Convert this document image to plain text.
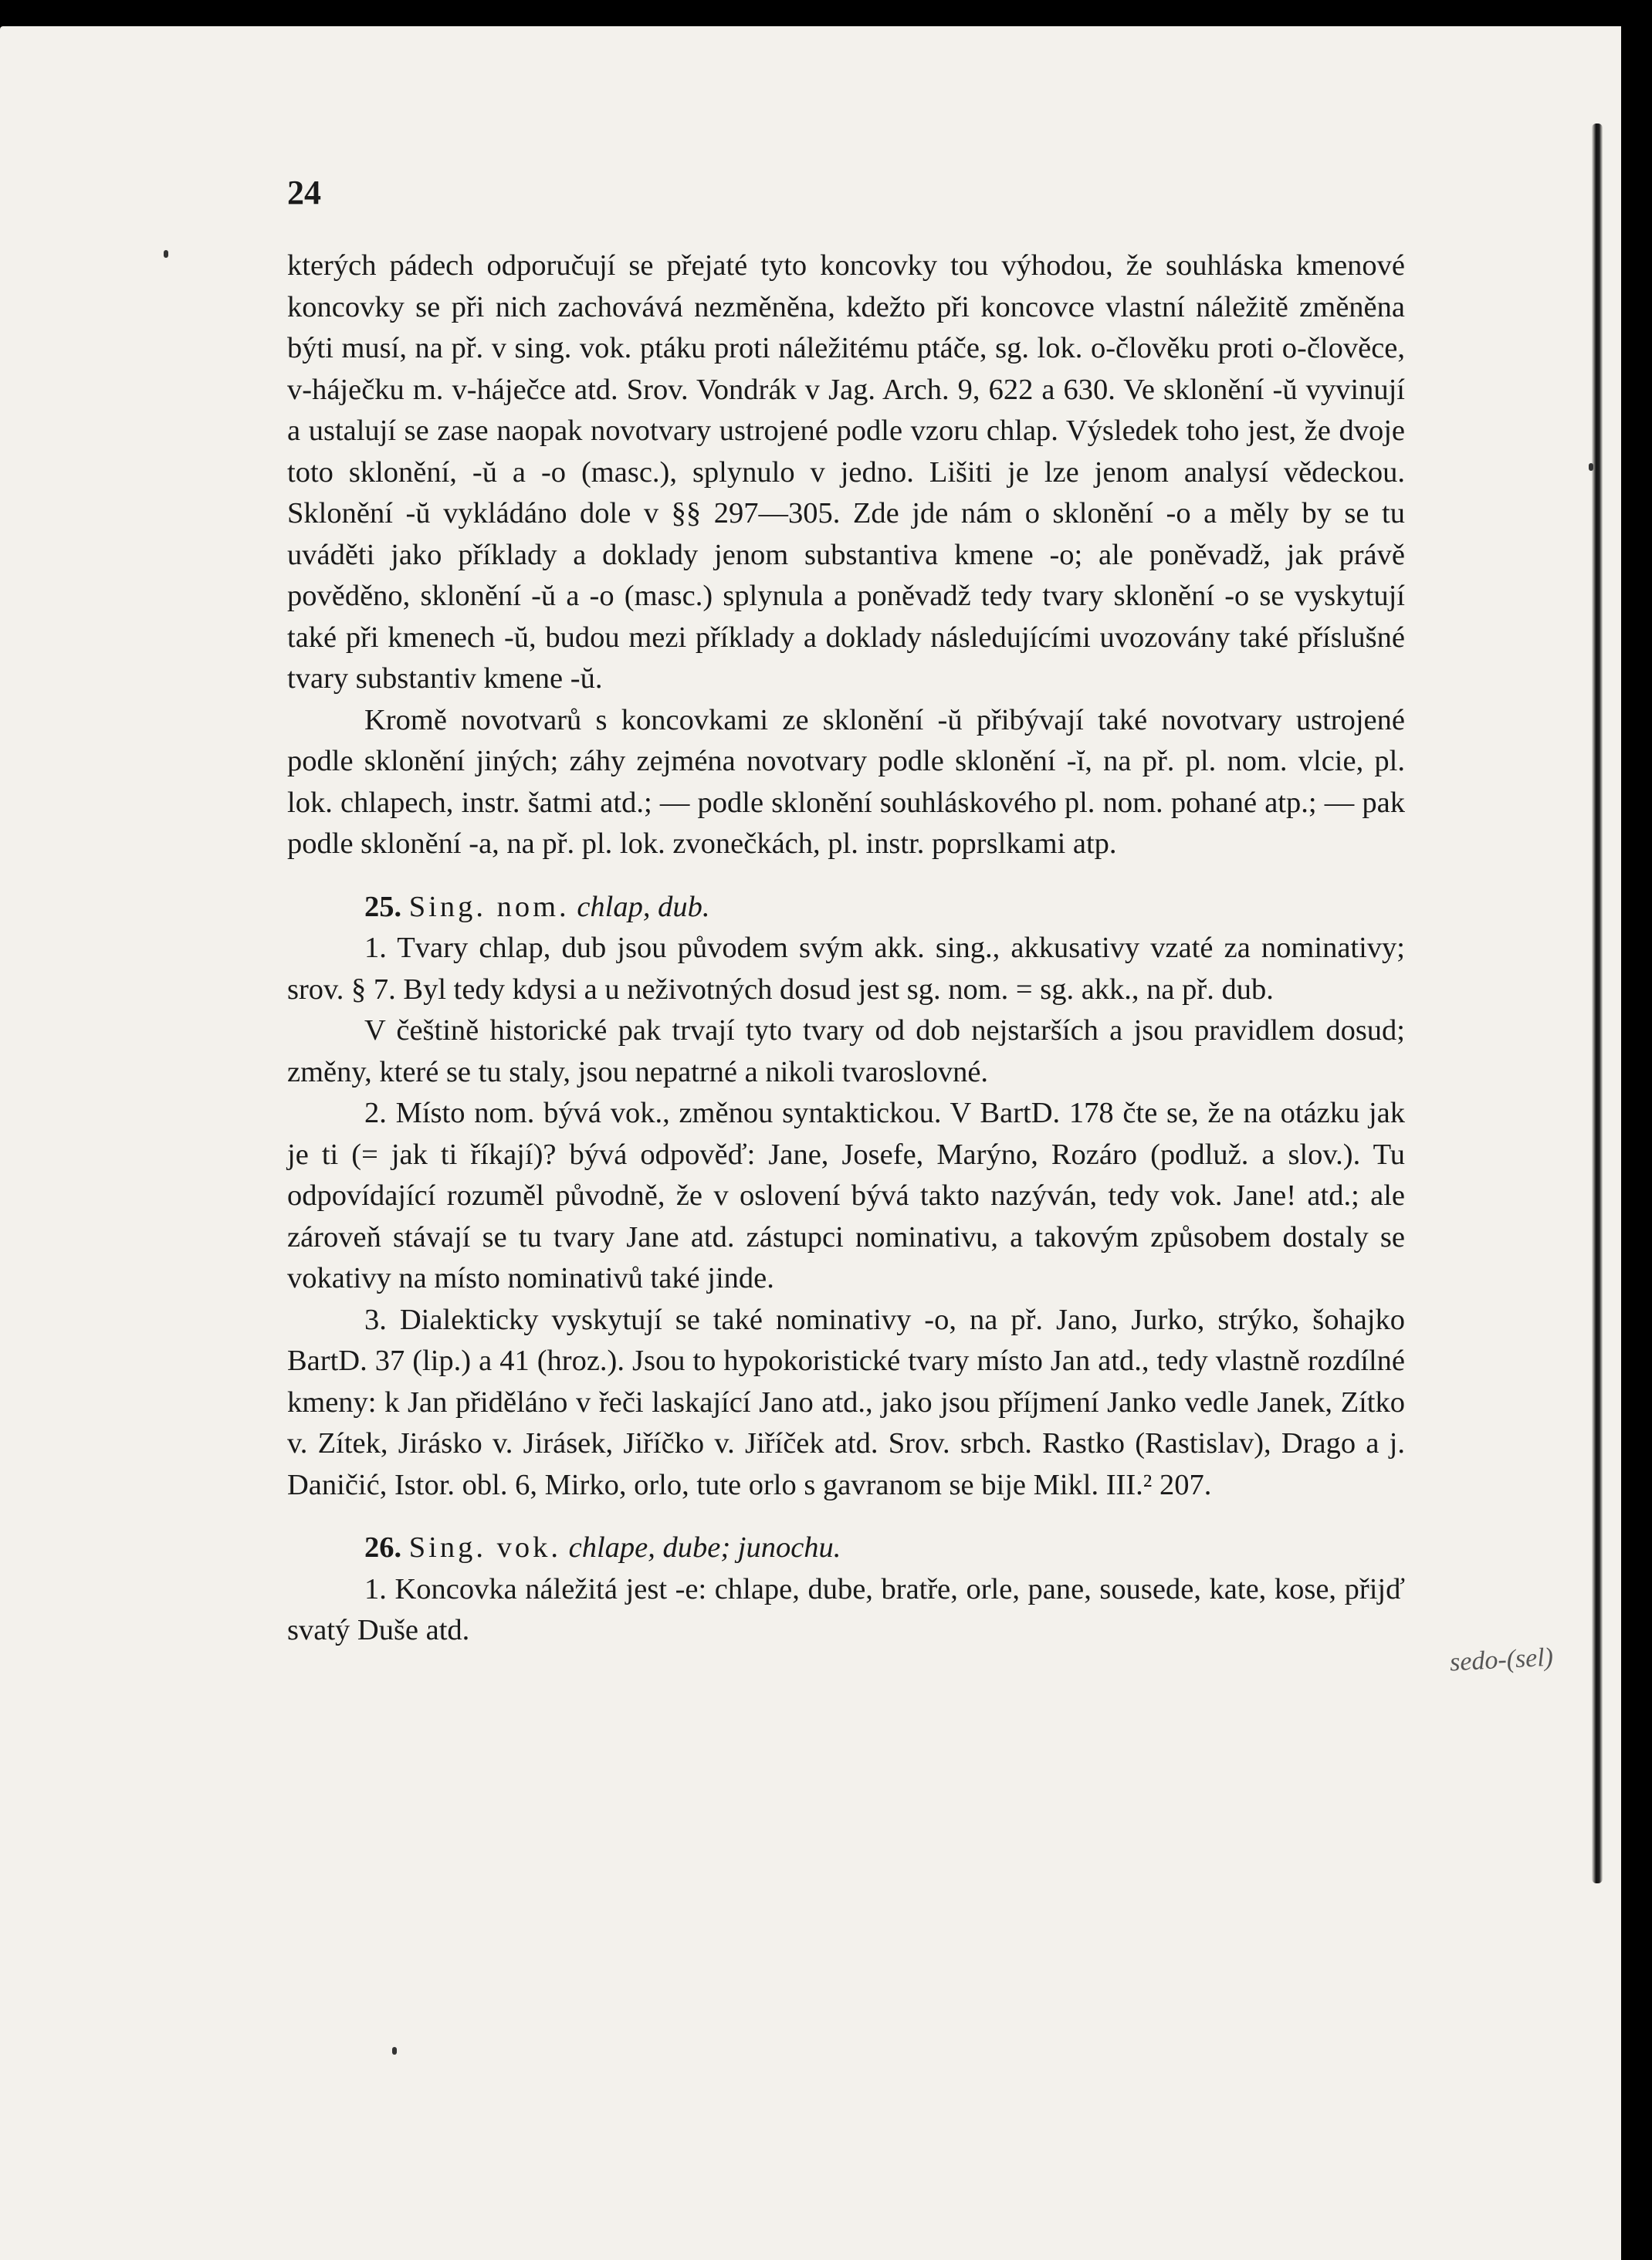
24

kterých pádech odporučují se přejaté tyto koncovky tou výhodou, že souhláska kmenové koncovky se při nich zachovává nezměněna, kdežto při koncovce vlastní náležitě změněna býti musí, na př. v sing. vok. ptáku proti náležitému ptáče, sg. lok. o-člověku proti o-člověce, v-háječku m. v-háječce atd. Srov. Vondrák v Jag. Arch. 9, 622 a 630. Ve sklonění -ŭ vyvinují a ustalují se zase naopak novotvary ustrojené podle vzoru chlap. Výsledek toho jest, že dvoje toto sklonění, -ŭ a -o (masc.), splynulo v jedno. Lišiti je lze jenom analysí vědeckou. Sklonění -ŭ vykládáno dole v §§ 297—305. Zde jde nám o sklonění -o a měly by se tu uváděti jako příklady a doklady jenom substantiva kmene -o; ale poněvadž, jak právě pověděno, sklonění -ŭ a -o (masc.) splynula a poněvadž tedy tvary sklonění -o se vyskytují také při kmenech -ŭ, budou mezi příklady a doklady následujícími uvozovány také příslušné tvary substantiv kmene -ŭ.

Kromě novotvarů s koncovkami ze sklonění -ŭ přibývají také novotvary ustrojené podle sklonění jiných; záhy zejména novotvary podle sklonění -ĭ, na př. pl. nom. vlcie, pl. lok. chlapech, instr. šatmi atd.; — podle sklonění souhláskového pl. nom. pohané atp.; — pak podle sklonění -a, na př. pl. lok. zvonečkách, pl. instr. poprslkami atp.

25. Sing. nom. chlap, dub.

1. Tvary chlap, dub jsou původem svým akk. sing., akkusativy vzaté za nominativy; srov. § 7. Byl tedy kdysi a u neživotných dosud jest sg. nom. = sg. akk., na př. dub.

V češtině historické pak trvají tyto tvary od dob nejstarších a jsou pravidlem dosud; změny, které se tu staly, jsou nepatrné a nikoli tvaroslovné.

2. Místo nom. bývá vok., změnou syntaktickou. V BartD. 178 čte se, že na otázku jak je ti (= jak ti říkají)? bývá odpověď: Jane, Josefe, Marýno, Rozáro (podluž. a slov.). Tu odpovídající rozuměl původně, že v oslovení bývá takto nazýván, tedy vok. Jane! atd.; ale zároveň stávají se tu tvary Jane atd. zástupci nominativu, a takovým způsobem dostaly se vokativy na místo nominativů také jinde.

3. Dialekticky vyskytují se také nominativy -o, na př. Jano, Jurko, strýko, šohajko BartD. 37 (lip.) a 41 (hroz.). Jsou to hypokoristické tvary místo Jan atd., tedy vlastně rozdílné kmeny: k Jan přiděláno v řeči laskající Jano atd., jako jsou příjmení Janko vedle Janek, Zítko v. Zítek, Jirásko v. Jirásek, Jiříčko v. Jiříček atd. Srov. srbch. Rastko (Rastislav), Drago a j. Daničić, Istor. obl. 6, Mirko, orlo, tute orlo s gavranom se bije Mikl. III.² 207.

26. Sing. vok. chlape, dube; junochu.

1. Koncovka náležitá jest -e: chlape, dube, bratře, orle, pane, sousede, kate, kose, přijď svatý Duše atd.

sedo-(sel)
